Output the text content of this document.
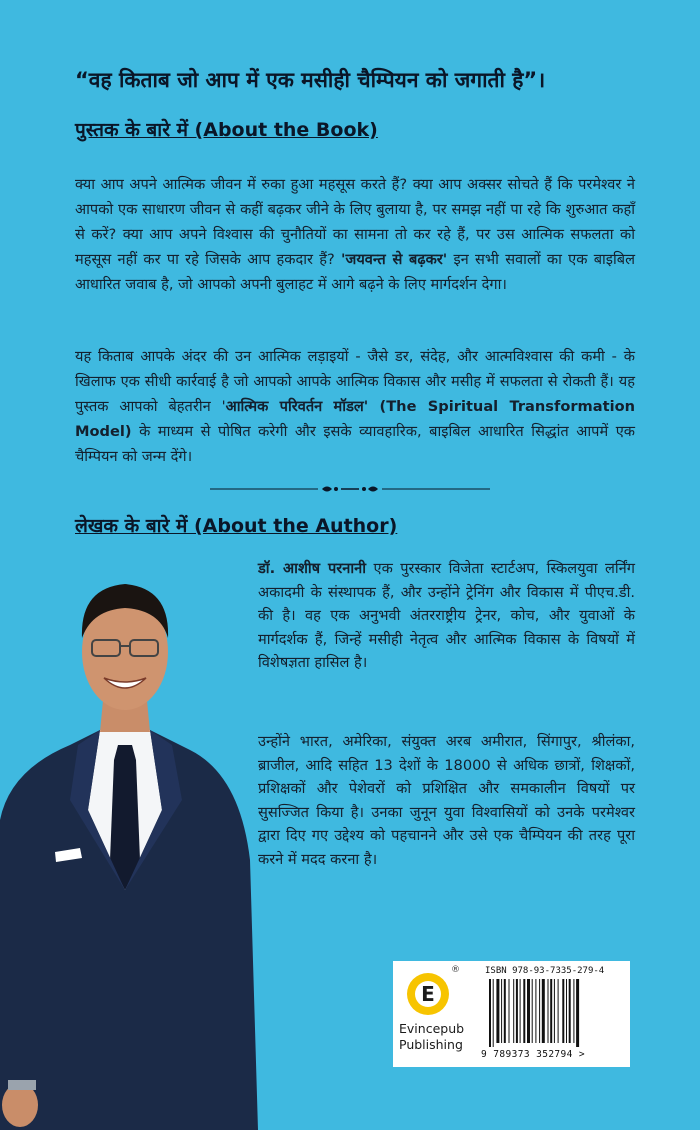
“वह किताब जो आप में एक मसीही चैम्पियन को जगाती है”।
पुस्तक के बारे में (About the Book)
क्या आप अपने आत्मिक जीवन में रुका हुआ महसूस करते हैं? क्या आप अक्सर सोचते हैं कि परमेश्वर ने आपको एक साधारण जीवन से कहीं बढ़कर जीने के लिए बुलाया है, पर समझ नहीं पा रहे कि शुरुआत कहाँ से करें? क्या आप अपने विश्वास की चुनौतियों का सामना तो कर रहे हैं, पर उस आत्मिक सफलता को महसूस नहीं कर पा रहे जिसके आप हकदार हैं? 'जयवन्त से बढ़कर' इन सभी सवालों का एक बाइबिल आधारित जवाब है, जो आपको अपनी बुलाहट में आगे बढ़ने के लिए मार्गदर्शन देगा।
यह किताब आपके अंदर की उन आत्मिक लड़ाइयों - जैसे डर, संदेह, और आत्मविश्वास की कमी - के खिलाफ एक सीधी कार्रवाई है जो आपको आपके आत्मिक विकास और मसीह में सफलता से रोकती हैं। यह पुस्तक आपको बेहतरीन 'आत्मिक परिवर्तन मॉडल' (The Spiritual Transformation Model) के माध्यम से पोषित करेगी और इसके व्यावहारिक, बाइबिल आधारित सिद्धांत आपमें एक चैम्पियन को जन्म देंगे।
लेखक के बारे में (About the Author)
डॉ. आशीष परनानी एक पुरस्कार विजेता स्टार्टअप, स्किलयुवा लर्निंग अकादमी के संस्थापक हैं, और उन्होंने ट्रेनिंग और विकास में पीएच.डी. की है। वह एक अनुभवी अंतरराष्ट्रीय ट्रेनर, कोच, और युवाओं के मार्गदर्शक हैं, जिन्हें मसीही नेतृत्व और आत्मिक विकास के विषयों में विशेषज्ञता हासिल है।
उन्होंने भारत, अमेरिका, संयुक्त अरब अमीरात, सिंगापुर, श्रीलंका, ब्राजील, आदि सहित 13 देशों के 18000 से अधिक छात्रों, शिक्षकों, प्रशिक्षकों और पेशेवरों को प्रशिक्षित और समकालीन विषयों पर सुसज्जित किया है। उनका जुनून युवा विश्वासियों को उनके परमेश्वर द्वारा दिए गए उद्देश्य को पहचानने और उसे एक चैम्पियन की तरह पूरा करने में मदद करना है।
E
®
Evincepub
Publishing
ISBN 978-93-7335-279-4
9 789373 352794 >
